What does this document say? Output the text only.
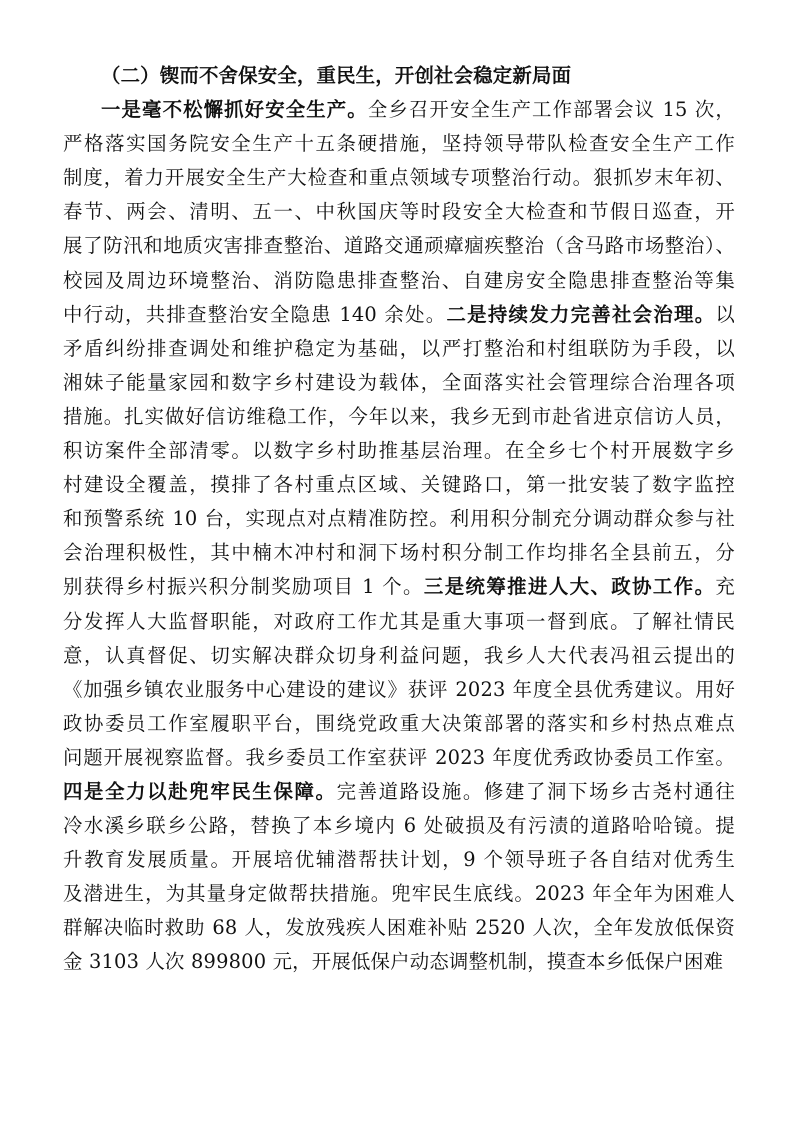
（二）锲而不舍保安全，重民生，开创社会稳定新局面
一是毫不松懈抓好安全生产。全乡召开安全生产工作部署会议 15 次，
严格落实国务院安全生产十五条硬措施，坚持领导带队检查安全生产工作
制度，着力开展安全生产大检查和重点领域专项整治行动。狠抓岁末年初、
春节、两会、清明、五一、中秋国庆等时段安全大检查和节假日巡查，开
展了防汛和地质灾害排查整治、道路交通顽瘴痼疾整治（含马路市场整治）、
校园及周边环境整治、消防隐患排查整治、自建房安全隐患排查整治等集
中行动，共排查整治安全隐患 140 余处。二是持续发力完善社会治理。以
矛盾纠纷排查调处和维护稳定为基础，以严打整治和村组联防为手段，以
湘妹子能量家园和数字乡村建设为载体，全面落实社会管理综合治理各项
措施。扎实做好信访维稳工作，今年以来，我乡无到市赴省进京信访人员，
积访案件全部清零。以数字乡村助推基层治理。在全乡七个村开展数字乡
村建设全覆盖，摸排了各村重点区域、关键路口，第一批安装了数字监控
和预警系统 10 台，实现点对点精准防控。利用积分制充分调动群众参与社
会治理积极性，其中楠木冲村和洞下场村积分制工作均排名全县前五，分
别获得乡村振兴积分制奖励项目 1 个。三是统筹推进人大、政协工作。充
分发挥人大监督职能，对政府工作尤其是重大事项一督到底。了解社情民
意，认真督促、切实解决群众切身利益问题，我乡人大代表冯祖云提出的
《加强乡镇农业服务中心建设的建议》获评 2023 年度全县优秀建议。用好
政协委员工作室履职平台，围绕党政重大决策部署的落实和乡村热点难点
问题开展视察监督。我乡委员工作室获评 2023 年度优秀政协委员工作室。
四是全力以赴兜牢民生保障。完善道路设施。修建了洞下场乡古尧村通往
冷水溪乡联乡公路，替换了本乡境内 6 处破损及有污渍的道路哈哈镜。提
升教育发展质量。开展培优辅潜帮扶计划，9 个领导班子各自结对优秀生
及潜进生，为其量身定做帮扶措施。兜牢民生底线。2023 年全年为困难人
群解决临时救助 68 人，发放残疾人困难补贴 2520 人次，全年发放低保资
金 3103 人次 899800 元，开展低保户动态调整机制，摸查本乡低保户困难
